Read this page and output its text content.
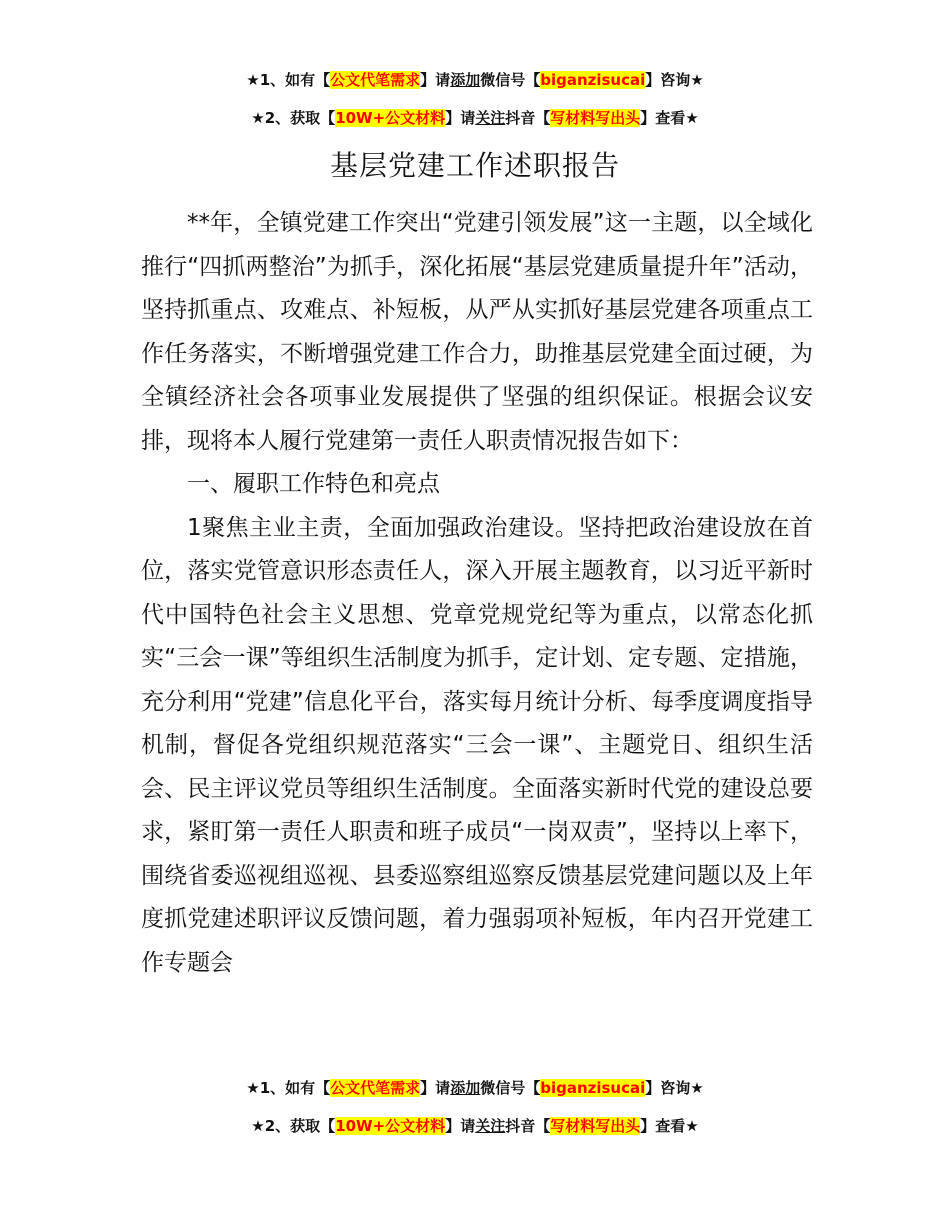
★1、如有【公文代笔需求】请添加微信号【biganzisucai】咨询★
★2、获取【10W+公文材料】请关注抖音【写材料写出头】查看★
基层党建工作述职报告

**年，全镇党建工作突出“党建引领发展”这一主题，以全域化推行“四抓两整治”为抓手，深化拓展“基层党建质量提升年”活动，坚持抓重点、攻难点、补短板，从严从实抓好基层党建各项重点工作任务落实，不断增强党建工作合力，助推基层党建全面过硬，为全镇经济社会各项事业发展提供了坚强的组织保证。根据会议安排，现将本人履行党建第一责任人职责情况报告如下：

一、履职工作特色和亮点

1聚焦主业主责，全面加强政治建设。坚持把政治建设放在首位，落实党管意识形态责任人，深入开展主题教育，以习近平新时代中国特色社会主义思想、党章党规党纪等为重点，以常态化抓实“三会一课”等组织生活制度为抓手，定计划、定专题、定措施，充分利用“党建”信息化平台，落实每月统计分析、每季度调度指导机制，督促各党组织规范落实“三会一课”、主题党日、组织生活会、民主评议党员等组织生活制度。全面落实新时代党的建设总要求，紧盯第一责任人职责和班子成员“一岗双责”，坚持以上率下，围绕省委巡视组巡视、县委巡察组巡察反馈基层党建问题以及上年度抓党建述职评议反馈问题，着力强弱项补短板，年内召开党建工作专题会

★1、如有【公文代笔需求】请添加微信号【biganzisucai】咨询★
★2、获取【10W+公文材料】请关注抖音【写材料写出头】查看★
